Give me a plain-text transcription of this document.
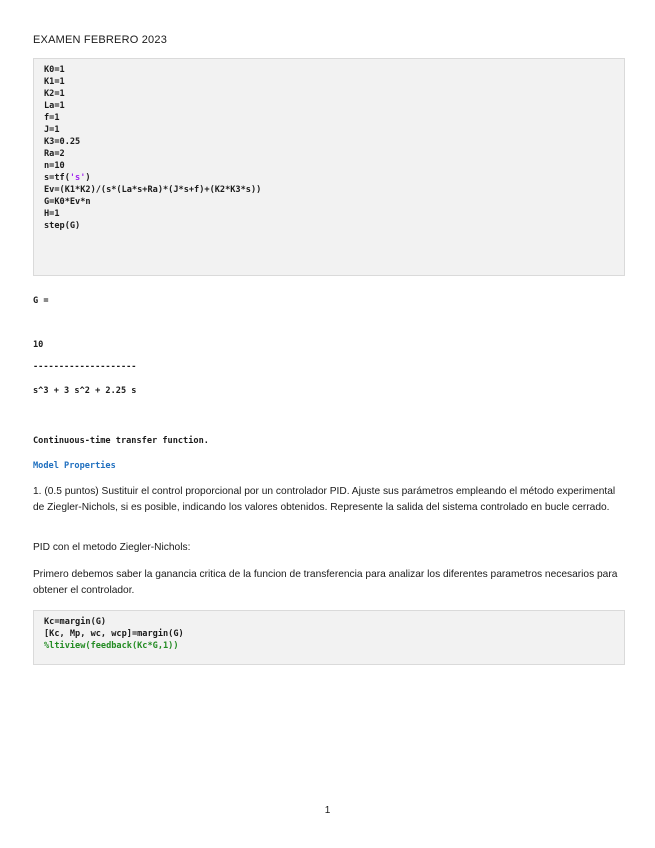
EXAMEN FEBRERO 2023
K0=1
K1=1
K2=1
La=1
f=1
J=1
K3=0.25
Ra=2
n=10
s=tf('s')
Ev=(K1*K2)/(s*(La*s+Ra)*(J*s+f)+(K2*K3*s))
G=K0*Ev*n
H=1
step(G)
G =
10
--------------------
s^3 + 3 s^2 + 2.25 s
Continuous-time transfer function.
Model Properties

1. (0.5 puntos) Sustituir el control proporcional por un controlador PID. Ajuste sus parámetros empleando el método experimental de Ziegler-Nichols, si es posible, indicando los valores obtenidos. Represente la salida del sistema controlado en bucle cerrado.

PID con el metodo Ziegler-Nichols:

Primero debemos saber la ganancia critica de la funcion de transferencia para analizar los diferentes parametros necesarios para obtener el controlador.

Kc=margin(G)
[Kc, Mp, wc, wcp]=margin(G)
%ltiview(feedback(Kc*G,1))
1
